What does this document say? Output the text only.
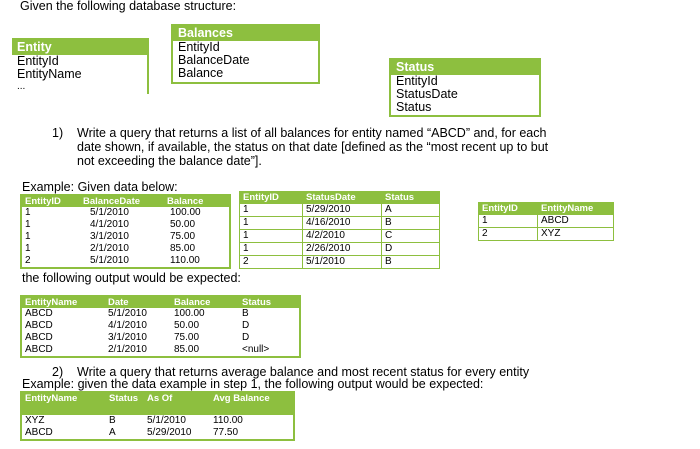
Given the following database structure:
Entity
EntityId
EntityName
...
Balances
EntityId
BalanceDate
Balance	Status
EntityId
StatusDate
Status
1) Write a query that returns a list of all balances for entity named “ABCD” and, for each
date shown, if available, the status on that date [defined as the “most recent up to but
not exceeding the balance date”].
Example: Given data below:
EntityID	BalanceDate	Balance
1	5/1/2010	100.00
1	4/1/2010	50.00
1	3/1/2010	75.00
1	2/1/2010	85.00
2	5/1/2010	110.00
EntityID	StatusDate	Status
1	5/29/2010	A
1	4/16/2010	B
1	4/2/2010	C
1	2/26/2010	D
2	5/1/2010	B
EntityID	EntityName
1	ABCD
2	XYZ
the following output would be expected:
EntityName	Date	Balance	Status
ABCD	5/1/2010	100.00	B
ABCD	4/1/2010	50.00	D
ABCD	3/1/2010	75.00	D
ABCD	2/1/2010	85.00	<null>
2) Write a query that returns average balance and most recent status for every entity
Example: given the data example in step 1, the following output would be expected:
EntityName	Status	As Of	Avg Balance
XYZ	B	5/1/2010	110.00
ABCD	A	5/29/2010	77.50
